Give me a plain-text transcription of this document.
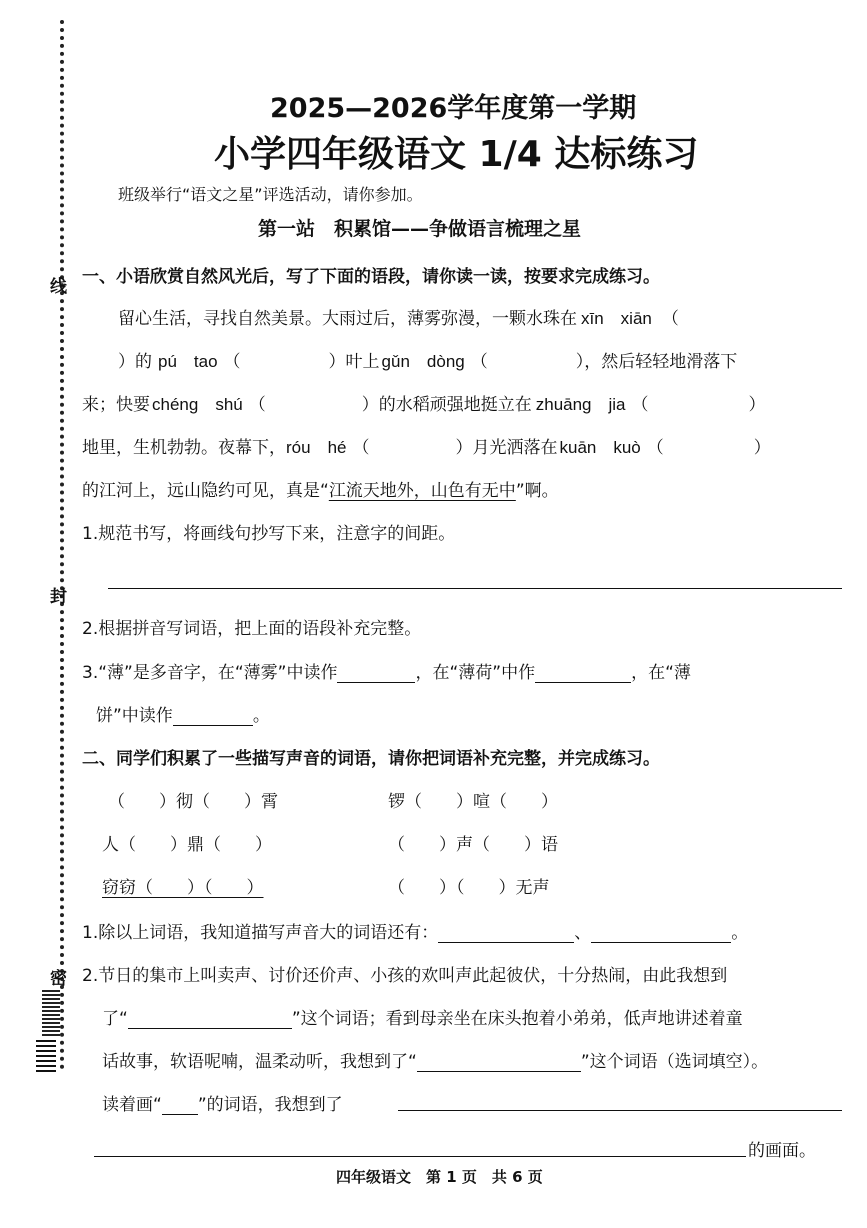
线
封
密
2025—2026学年度第一学期
小学四年级语文 1/4 达标练习
班级举行“语文之星”评选活动，请你参加。
第一站　积累馆——争做语言梳理之星
一、小语欣赏自然风光后，写了下面的语段，请你读一读，按要求完成练习。
留心生活，寻找自然美景。大雨过后，薄雾弥漫，一颗水珠在 xīn　xiān （
）的 pú　tao （	）叶上 gǔn　dòng （	），然后轻轻地滑落下
来；快要 chéng　shú （	）的水稻顽强地挺立在 zhuāng　jia （	）
地里，生机勃勃。夜幕下，róu　hé （	）月光洒落在 kuān　kuò （	）
的江河上，远山隐约可见，真是“江流天地外，山色有无中”啊。
1.规范书写，将画线句抄写下来，注意字的间距。
2.根据拼音写词语，把上面的语段补充完整。
3.“薄”是多音字，在“薄雾”中读作	，在“薄荷”中作	，在“薄
饼”中读作	。
二、同学们积累了一些描写声音的词语，请你把词语补充完整，并完成练习。
（　　）彻（　　）霄	锣（　　）喧（　　）
人（　　）鼎（　　）	（　　）声（　　）语
窃窃（　　）（　　）	（　　）（　　）无声
1.除以上词语，我知道描写声音大的词语还有：	、	。
2.节日的集市上叫卖声、讨价还价声、小孩的欢叫声此起彼伏，十分热闹，由此我想到
了“	”这个词语；看到母亲坐在床头抱着小弟弟，低声地讲述着童
话故事，软语呢喃，温柔动听，我想到了“	”这个词语（选词填空）。
读着画“ ”的词语，我想到了
的画面。
四年级语文　第 1 页　共 6 页
